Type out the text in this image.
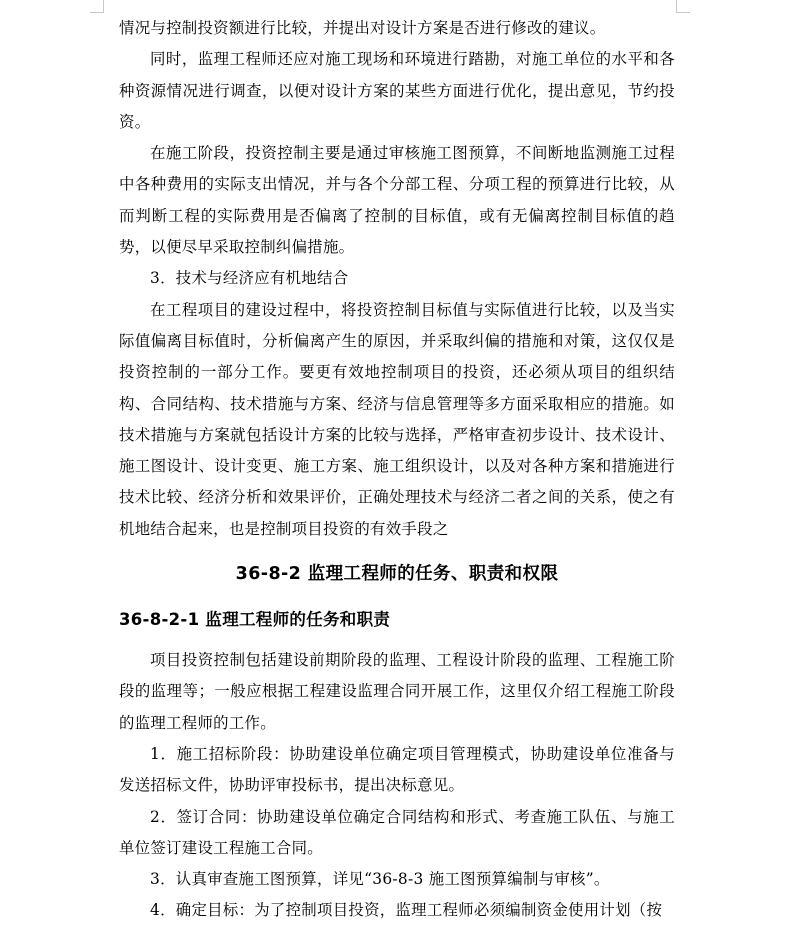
情况与控制投资额进行比较，并提出对设计方案是否进行修改的建议。

同时，监理工程师还应对施工现场和环境进行踏勘，对施工单位的水平和各种资源情况进行调查，以便对设计方案的某些方面进行优化，提出意见，节约投资。

在施工阶段，投资控制主要是通过审核施工图预算，不间断地监测施工过程中各种费用的实际支出情况，并与各个分部工程、分项工程的预算进行比较，从而判断工程的实际费用是否偏离了控制的目标值，或有无偏离控制目标值的趋势，以便尽早采取控制纠偏措施。

3．技术与经济应有机地结合

在工程项目的建设过程中，将投资控制目标值与实际值进行比较，以及当实际值偏离目标值时，分析偏离产生的原因，并采取纠偏的措施和对策，这仅仅是投资控制的一部分工作。要更有效地控制项目的投资，还必须从项目的组织结构、合同结构、技术措施与方案、经济与信息管理等多方面采取相应的措施。如技术措施与方案就包括设计方案的比较与选择，严格审查初步设计、技术设计、施工图设计、设计变更、施工方案、施工组织设计，以及对各种方案和措施进行技术比较、经济分析和效果评价，正确处理技术与经济二者之间的关系，使之有机地结合起来，也是控制项目投资的有效手段之

36-8-2 监理工程师的任务、职责和权限
36-8-2-1 监理工程师的任务和职责

项目投资控制包括建设前期阶段的监理、工程设计阶段的监理、工程施工阶段的监理等；一般应根据工程建设监理合同开展工作，这里仅介绍工程施工阶段的监理工程师的工作。

1．施工招标阶段：协助建设单位确定项目管理模式，协助建设单位准备与发送招标文件，协助评审投标书，提出决标意见。

2．签订合同：协助建设单位确定合同结构和形式、考查施工队伍、与施工单位签订建设工程施工合同。

3．认真审查施工图预算，详见“36-8-3 施工图预算编制与审核”。

4．确定目标：为了控制项目投资，监理工程师必须编制资金使用计划（按
